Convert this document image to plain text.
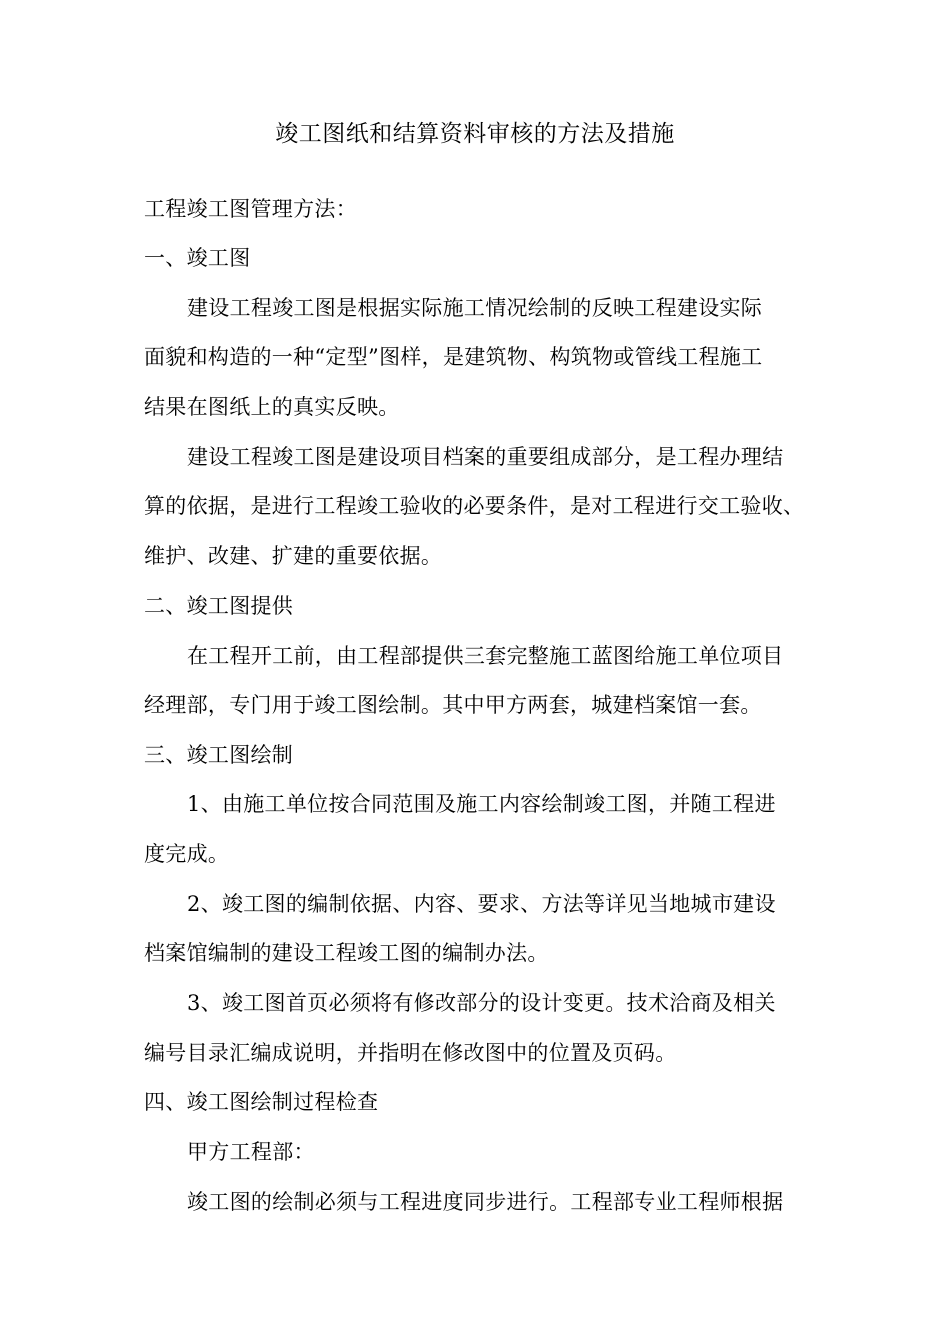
竣工图纸和结算资料审核的方法及措施
工程竣工图管理方法：
一、竣工图
建设工程竣工图是根据实际施工情况绘制的反映工程建设实际
面貌和构造的一种“定型”图样，是建筑物、构筑物或管线工程施工
结果在图纸上的真实反映。
建设工程竣工图是建设项目档案的重要组成部分，是工程办理结
算的依据，是进行工程竣工验收的必要条件，是对工程进行交工验收、
维护、改建、扩建的重要依据。
二、竣工图提供
在工程开工前，由工程部提供三套完整施工蓝图给施工单位项目
经理部，专门用于竣工图绘制。其中甲方两套，城建档案馆一套。
三、竣工图绘制
1、由施工单位按合同范围及施工内容绘制竣工图，并随工程进
度完成。
2、竣工图的编制依据、内容、要求、方法等详见当地城市建设
档案馆编制的建设工程竣工图的编制办法。
3、竣工图首页必须将有修改部分的设计变更。技术洽商及相关
编号目录汇编成说明，并指明在修改图中的位置及页码。
四、竣工图绘制过程检查
甲方工程部：
竣工图的绘制必须与工程进度同步进行。工程部专业工程师根据
